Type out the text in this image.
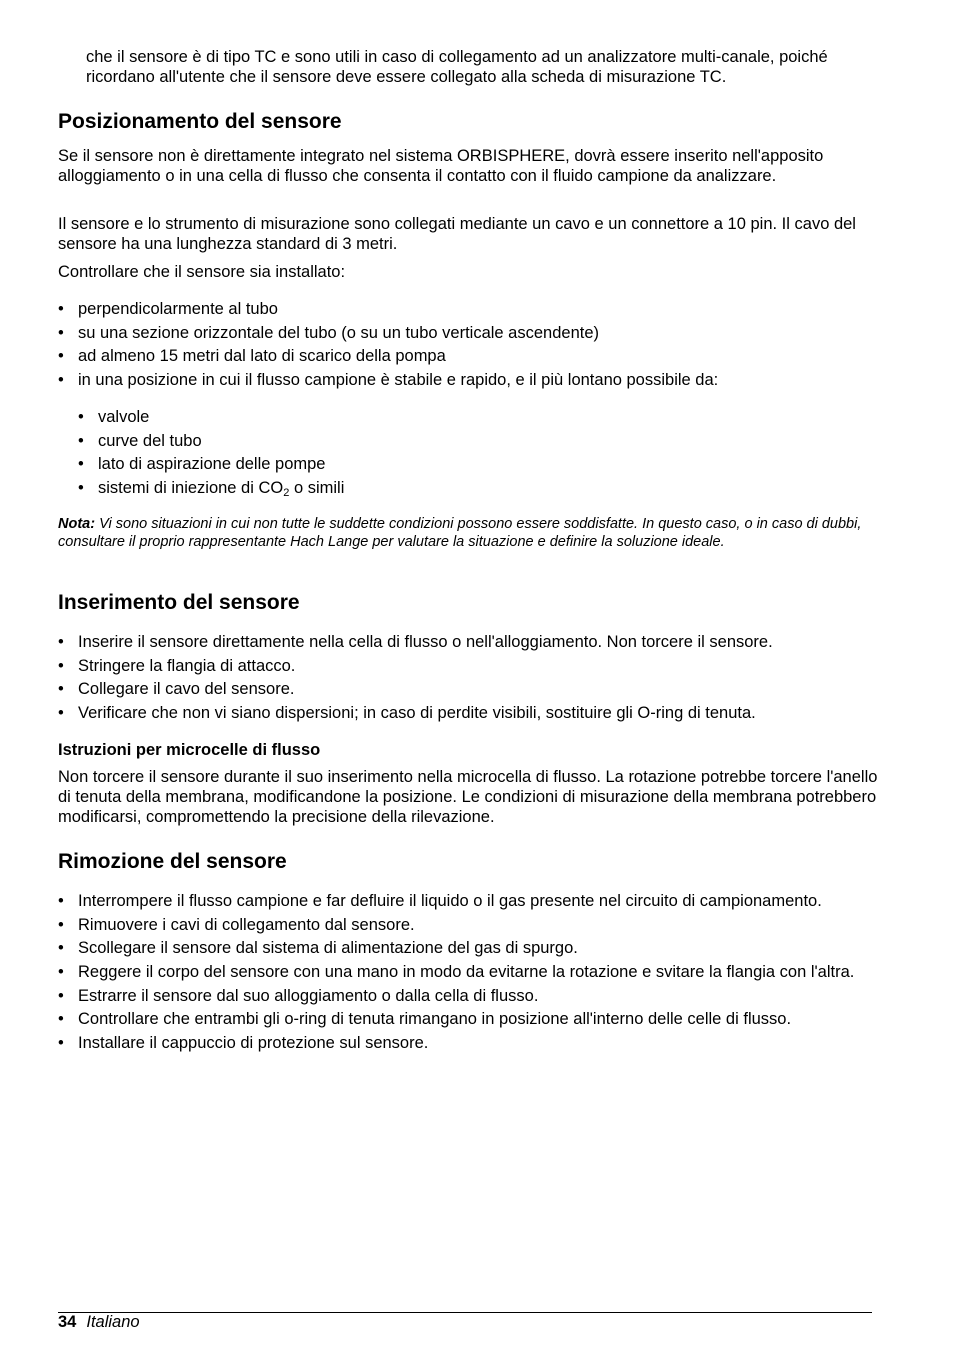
che il sensore è di tipo TC e sono utili in caso di collegamento ad un analizzatore multi-canale, poiché ricordano all'utente che il sensore deve essere collegato alla scheda di misurazione TC.

Posizionamento del sensore

Se il sensore non è direttamente integrato nel sistema ORBISPHERE, dovrà essere inserito nell'apposito alloggiamento o in una cella di flusso che consenta il contatto con il fluido campione da analizzare.

Il sensore e lo strumento di misurazione sono collegati mediante un cavo e un connettore a 10 pin. Il cavo del sensore ha una lunghezza standard di 3 metri.

Controllare che il sensore sia installato:

• perpendicolarmente al tubo
• su una sezione orizzontale del tubo (o su un tubo verticale ascendente)
• ad almeno 15 metri dal lato di scarico della pompa
• in una posizione in cui il flusso campione è stabile e rapido, e il più lontano possibile da:
• valvole
• curve del tubo
• lato di aspirazione delle pompe
• sistemi di iniezione di $CO_2$ o simili

Nota: Vi sono situazioni in cui non tutte le suddette condizioni possono essere soddisfatte. In questo caso, o in caso di dubbi, consultare il proprio rappresentante Hach Lange per valutare la situazione e definire la soluzione ideale.

Inserimento del sensore
• Inserire il sensore direttamente nella cella di flusso o nell'alloggiamento. Non torcere il sensore.
• Stringere la flangia di attacco.
• Collegare il cavo del sensore.
• Verificare che non vi siano dispersioni; in caso di perdite visibili, sostituire gli O-ring di tenuta.
Istruzioni per microcelle di flusso

Non torcere il sensore durante il suo inserimento nella microcella di flusso. La rotazione potrebbe torcere l'anello di tenuta della membrana, modificandone la posizione. Le condizioni di misurazione della membrana potrebbero modificarsi, compromettendo la precisione della rilevazione.

Rimozione del sensore
• Interrompere il flusso campione e far defluire il liquido o il gas presente nel circuito di campionamento.
• Rimuovere i cavi di collegamento dal sensore.
• Scollegare il sensore dal sistema di alimentazione del gas di spurgo.
• Reggere il corpo del sensore con una mano in modo da evitarne la rotazione e svitare la flangia con l'altra.
• Estrarre il sensore dal suo alloggiamento o dalla cella di flusso.
• Controllare che entrambi gli o-ring di tenuta rimangano in posizione all'interno delle celle di flusso.
• Installare il cappuccio di protezione sul sensore.
34 Italiano
